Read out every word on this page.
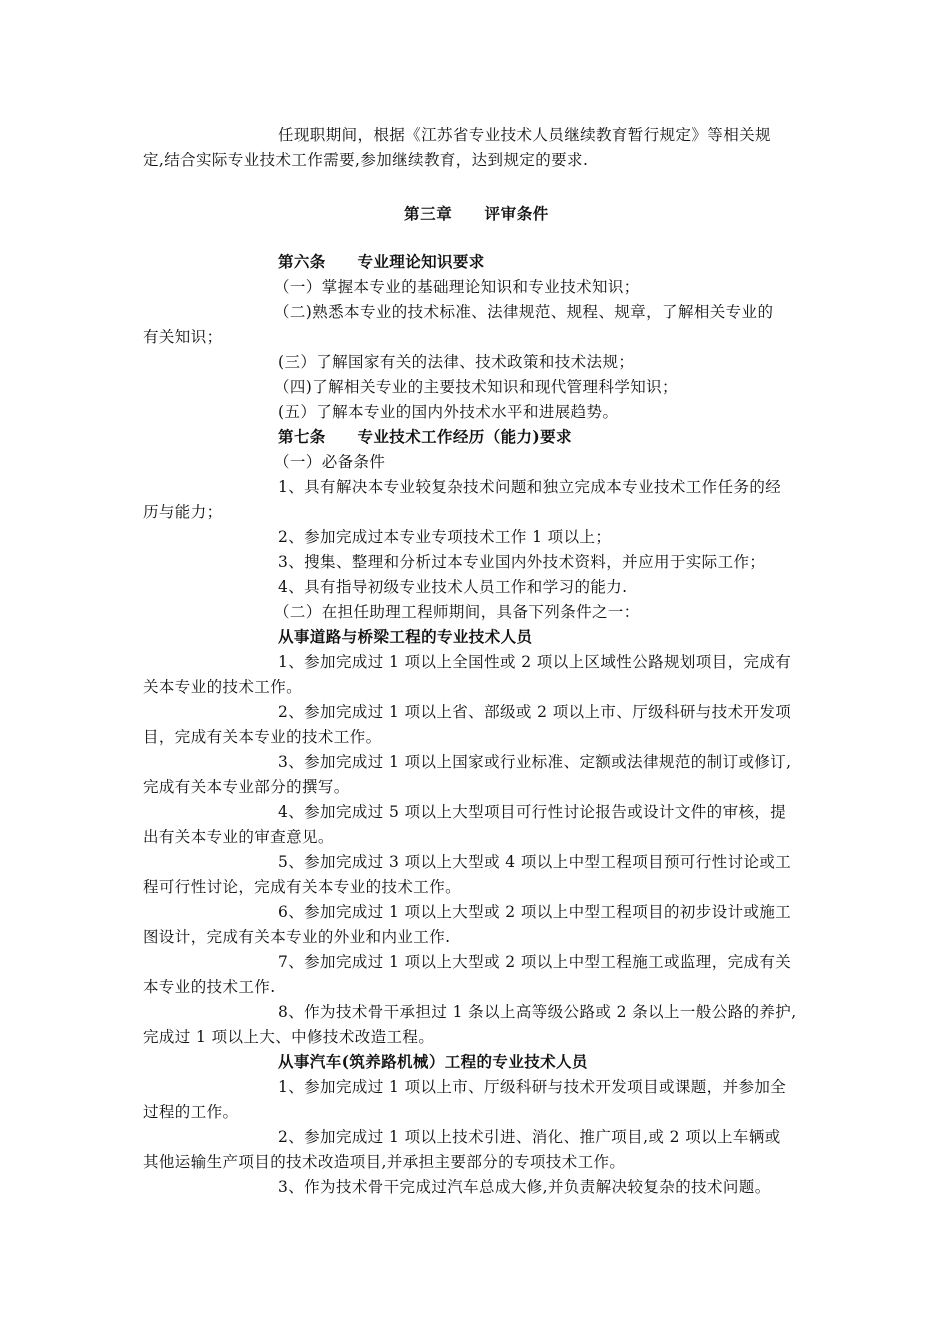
任现职期间，根据《江苏省专业技术人员继续教育暂行规定》等相关规
定,结合实际专业技术工作需要,参加继续教育，达到规定的要求.
第三章　　评审条件
第六条　　专业理论知识要求
（一）掌握本专业的基础理论知识和专业技术知识；
（二)熟悉本专业的技术标准、法律规范、规程、规章，了解相关专业的
有关知识；
(三）了解国家有关的法律、技术政策和技术法规；
（四)了解相关专业的主要技术知识和现代管理科学知识；
(五）了解本专业的国内外技术水平和进展趋势。
第七条　　专业技术工作经历（能力)要求
（一）必备条件
1、具有解决本专业较复杂技术问题和独立完成本专业技术工作任务的经
历与能力；
2、参加完成过本专业专项技术工作 1 项以上；
3、搜集、整理和分析过本专业国内外技术资料，并应用于实际工作；
4、具有指导初级专业技术人员工作和学习的能力.
（二）在担任助理工程师期间，具备下列条件之一：
从事道路与桥梁工程的专业技术人员
1、参加完成过 1 项以上全国性或 2 项以上区域性公路规划项目，完成有
关本专业的技术工作。
2、参加完成过 1 项以上省、部级或 2 项以上市、厅级科研与技术开发项
目，完成有关本专业的技术工作。
3、参加完成过 1 项以上国家或行业标准、定额或法律规范的制订或修订,
完成有关本专业部分的撰写。
4、参加完成过 5 项以上大型项目可行性讨论报告或设计文件的审核，提
出有关本专业的审查意见。
5、参加完成过 3 项以上大型或 4 项以上中型工程项目预可行性讨论或工
程可行性讨论，完成有关本专业的技术工作。
6、参加完成过 1 项以上大型或 2 项以上中型工程项目的初步设计或施工
图设计，完成有关本专业的外业和内业工作.
7、参加完成过 1 项以上大型或 2 项以上中型工程施工或监理，完成有关
本专业的技术工作.
8、作为技术骨干承担过 1 条以上高等级公路或 2 条以上一般公路的养护,
完成过 1 项以上大、中修技术改造工程。
从事汽车(筑养路机械）工程的专业技术人员
1、参加完成过 1 项以上市、厅级科研与技术开发项目或课题，并参加全
过程的工作。
2、参加完成过 1 项以上技术引进、消化、推广项目,或 2 项以上车辆或
其他运输生产项目的技术改造项目,并承担主要部分的专项技术工作。
3、作为技术骨干完成过汽车总成大修,并负责解决较复杂的技术问题。
